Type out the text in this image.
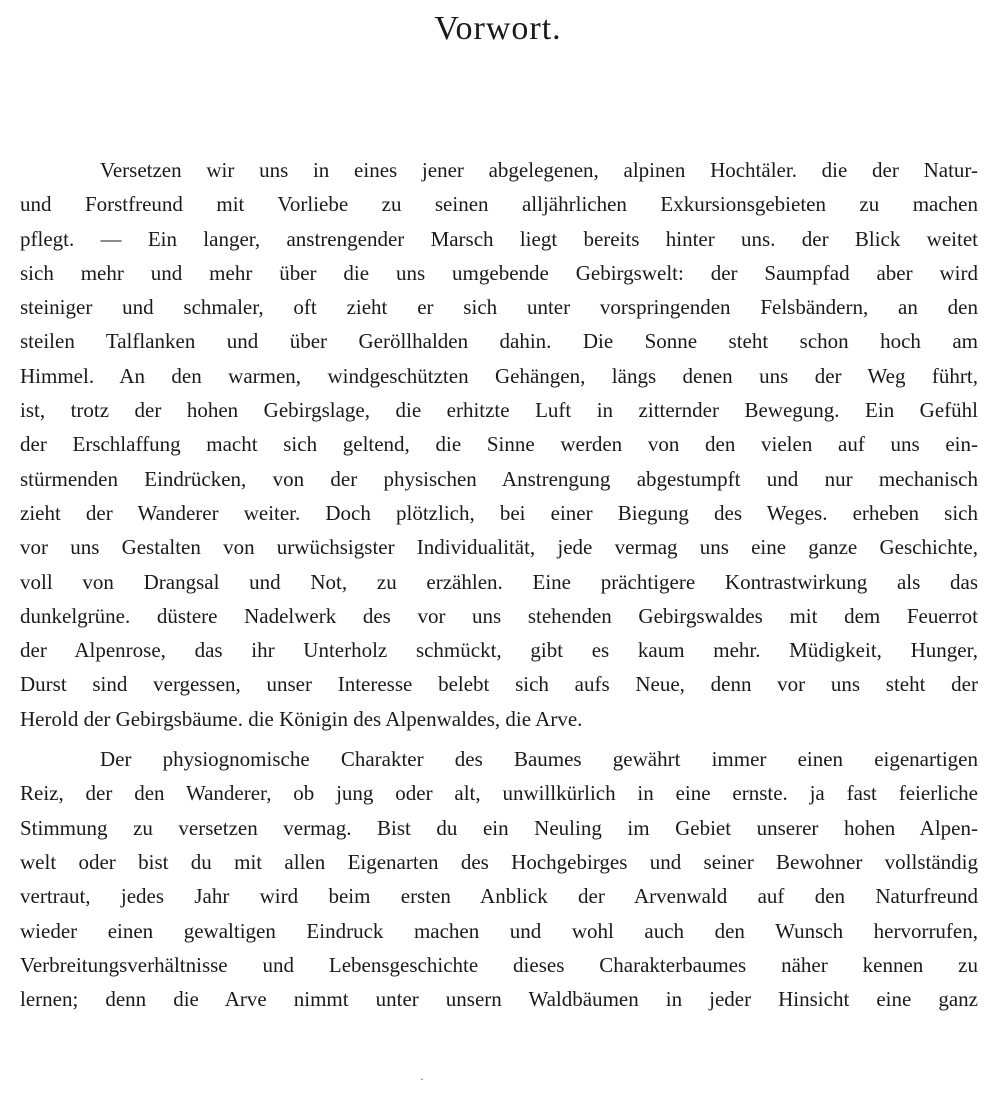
Vorwort.

Versetzen wir uns in eines jener abgelegenen, alpinen Hochtäler. die der Natur-
und Forstfreund mit Vorliebe zu seinen alljährlichen Exkursionsgebieten zu machen
pflegt. — Ein langer, anstrengender Marsch liegt bereits hinter uns. der Blick weitet
sich mehr und mehr über die uns umgebende Gebirgswelt: der Saumpfad aber wird
steiniger und schmaler, oft zieht er sich unter vorspringenden Felsbändern, an den
steilen Talflanken und über Geröllhalden dahin. Die Sonne steht schon hoch am
Himmel. An den warmen, windgeschützten Gehängen, längs denen uns der Weg führt,
ist, trotz der hohen Gebirgslage, die erhitzte Luft in zitternder Bewegung. Ein Gefühl
der Erschlaffung macht sich geltend, die Sinne werden von den vielen auf uns ein-
stürmenden Eindrücken, von der physischen Anstrengung abgestumpft und nur mechanisch
zieht der Wanderer weiter. Doch plötzlich, bei einer Biegung des Weges. erheben sich
vor uns Gestalten von urwüchsigster Individualität, jede vermag uns eine ganze Geschichte,
voll von Drangsal und Not, zu erzählen. Eine prächtigere Kontrastwirkung als das
dunkelgrüne. düstere Nadelwerk des vor uns stehenden Gebirgswaldes mit dem Feuerrot
der Alpenrose, das ihr Unterholz schmückt, gibt es kaum mehr. Müdigkeit, Hunger,
Durst sind vergessen, unser Interesse belebt sich aufs Neue, denn vor uns steht der
Herold der Gebirgsbäume. die Königin des Alpenwaldes, die Arve.

Der physiognomische Charakter des Baumes gewährt immer einen eigenartigen
Reiz, der den Wanderer, ob jung oder alt, unwillkürlich in eine ernste. ja fast feierliche
Stimmung zu versetzen vermag. Bist du ein Neuling im Gebiet unserer hohen Alpen-
welt oder bist du mit allen Eigenarten des Hochgebirges und seiner Bewohner vollständig
vertraut, jedes Jahr wird beim ersten Anblick der Arvenwald auf den Naturfreund
wieder einen gewaltigen Eindruck machen und wohl auch den Wunsch hervorrufen,
Verbreitungsverhältnisse und Lebensgeschichte dieses Charakterbaumes näher kennen zu
lernen; denn die Arve nimmt unter unsern Waldbäumen in jeder Hinsicht eine ganz

·
